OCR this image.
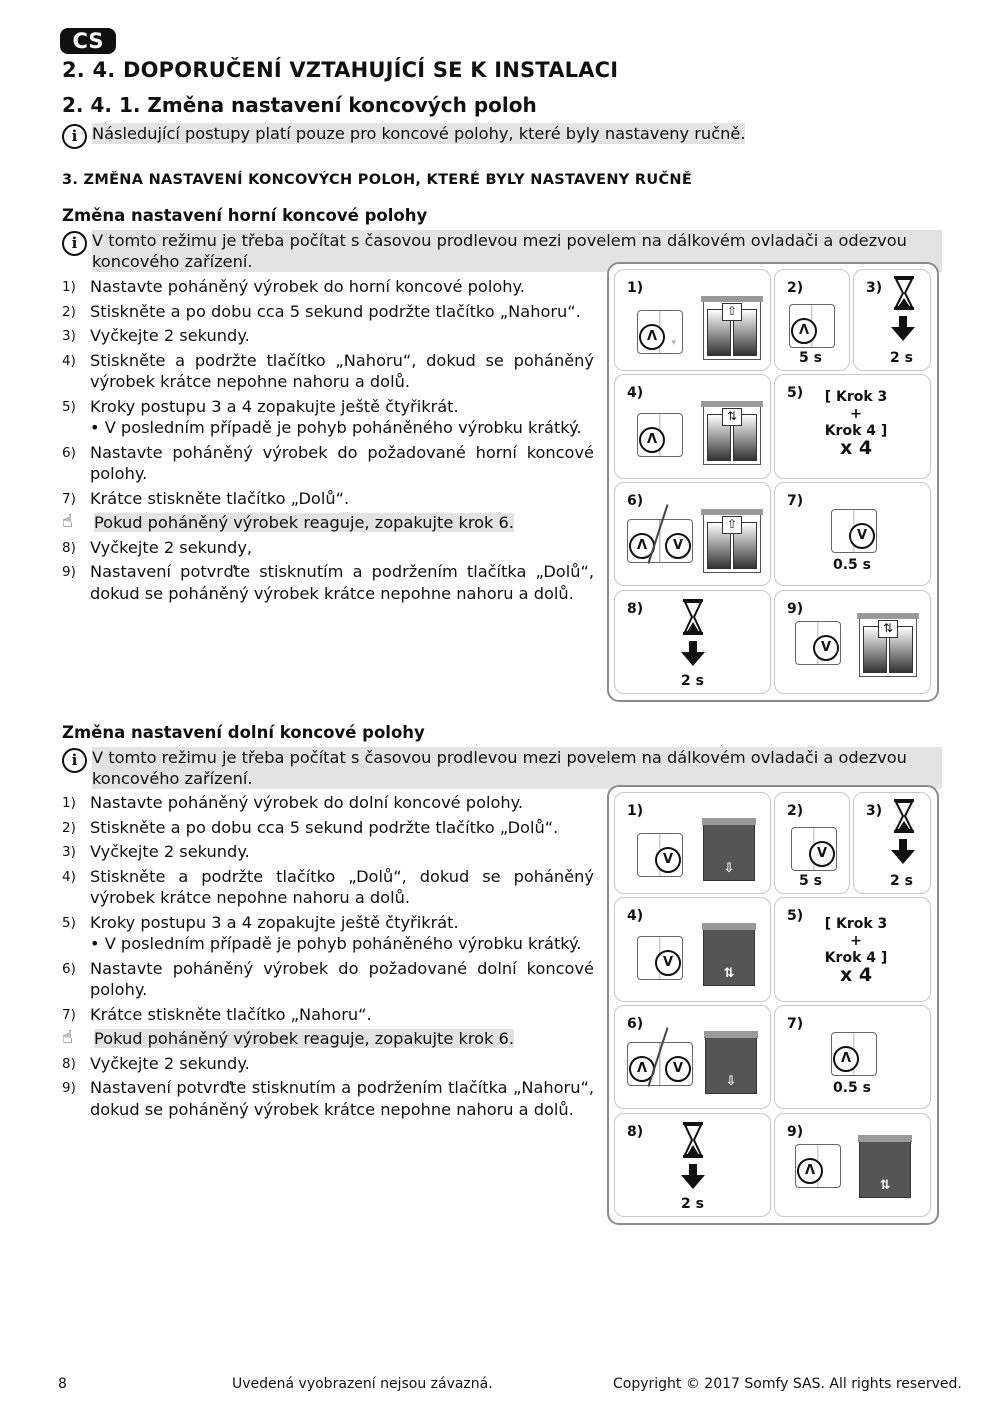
CS
2. 4. DOPORUČENÍ VZTAHUJÍCÍ SE K INSTALACI
2. 4. 1. Změna nastavení koncových poloh
i Následující postupy platí pouze pro koncové polohy, které byly nastaveny ručně.
3. ZMĚNA NASTAVENÍ KONCOVÝCH POLOH, KTERÉ BYLY NASTAVENY RUČNĚ
Změna nastavení horní koncové polohy
i V tomto režimu je třeba počítat s časovou prodlevou mezi povelem na dálkovém ovladači a odezvou koncového zařízení.
1) Nastavte poháněný výrobek do horní koncové polohy.
2) Stiskněte a po dobu cca 5 sekund podržte tlačítko „Nahoru“.
3) Vyčkejte 2 sekundy.
4) Stiskněte a podržte tlačítko „Nahoru“, dokud se poháněný výrobek krátce nepohne nahoru a dolů.
5) Kroky postupu 3 a 4 zopakujte ještě čtyřikrát.
• V posledním případě je pohyb poháněného výrobku krátký.
6) Nastavte poháněný výrobek do požadované horní koncové polohy.
7) Krátce stiskněte tlačítko „Dolů“.
☝ Pokud poháněný výrobek reaguje, zopakujte krok 6.
8) Vyčkejte 2 sekundy,
9) Nastavení potvrďte stisknutím a podržením tlačítka „Dolů“, dokud se poháněný výrobek krátce nepohne nahoru a dolů.
1)
Λ	▾
⇧
2)
Λ
5 s
3)
2 s
4)
Λ
⇅
5)	[ Krok 3
+
Krok 4 ]
x 4
6)
Λ	V
⇧
7)
V
0.5 s
8)
2 s
9)
V
⇅
Změna nastavení dolní koncové polohy
i V tomto režimu je třeba počítat s časovou prodlevou mezi povelem na dálkovém ovladači a odezvou koncového zařízení.
1) Nastavte poháněný výrobek do dolní koncové polohy.
2) Stiskněte a po dobu cca 5 sekund podržte tlačítko „Dolů“.
3) Vyčkejte 2 sekundy.
4) Stiskněte a podržte tlačítko „Dolů“, dokud se poháněný výrobek krátce nepohne nahoru a dolů.
5) Kroky postupu 3 a 4 zopakujte ještě čtyřikrát.
• V posledním případě je pohyb poháněného výrobku krátký.
6) Nastavte poháněný výrobek do požadované dolní koncové polohy.
7) Krátce stiskněte tlačítko „Nahoru“.
☝ Pokud poháněný výrobek reaguje, zopakujte krok 6.
8) Vyčkejte 2 sekundy.
9) Nastavení potvrďte stisknutím a podržením tlačítka „Nahoru“, dokud se poháněný výrobek krátce nepohne nahoru a dolů.
1)
V
⇩
2)
V
5 s
3)
2 s
4)
V
⇅
5)	[ Krok 3
+
Krok 4 ]
x 4
6)
Λ	V
⇩
7)
Λ
0.5 s
8)
2 s
9)
Λ
⇅
8	Uvedená vyobrazení nejsou závazná.	Copyright © 2017 Somfy SAS. All rights reserved.
